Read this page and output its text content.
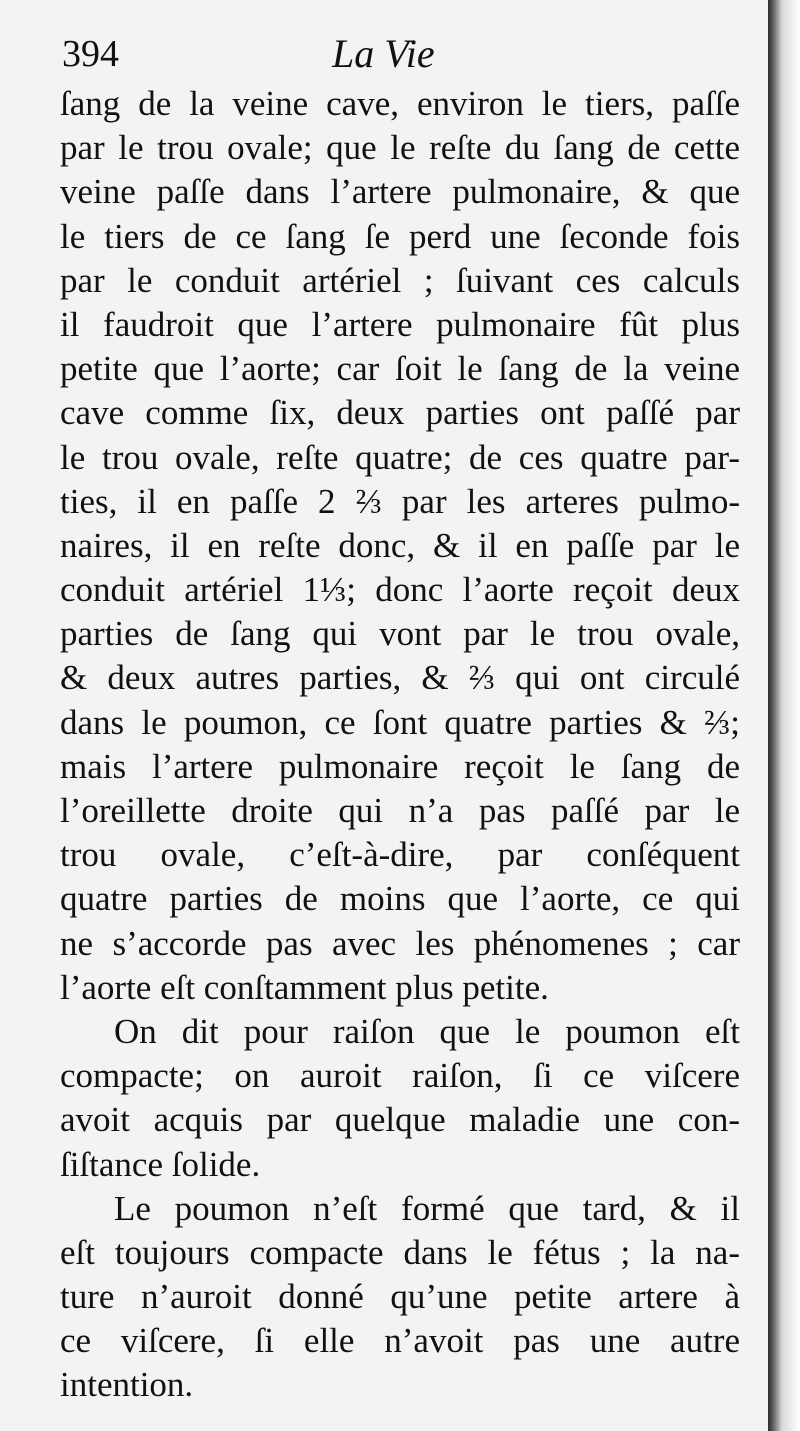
394	La Vie
ſang de la veine cave, environ le tiers, paſſe
par le trou ovale; que le reſte du ſang de cette
veine paſſe dans l’artere pulmonaire, & que
le tiers de ce ſang ſe perd une ſeconde fois
par le conduit artériel ; ſuivant ces calculs
il faudroit que l’artere pulmonaire fût plus
petite que l’aorte; car ſoit le ſang de la veine
cave comme ſix, deux parties ont paſſé par
le trou ovale, reſte quatre; de ces quatre par-
ties, il en paſſe 2 ⅔ par les arteres pulmo-
naires, il en reſte donc, & il en paſſe par le
conduit artériel 1⅓; donc l’aorte reçoit deux
parties de ſang qui vont par le trou ovale,
& deux autres parties, & ⅔ qui ont circulé
dans le poumon, ce ſont quatre parties & ⅔;
mais l’artere pulmonaire reçoit le ſang de
l’oreillette droite qui n’a pas paſſé par le
trou ovale, c’eſt-à-dire, par conſéquent
quatre parties de moins que l’aorte, ce qui
ne s’accorde pas avec les phénomenes ; car
l’aorte eſt conſtamment plus petite.
On dit pour raiſon que le poumon eſt
compacte; on auroit raiſon, ſi ce viſcere
avoit acquis par quelque maladie une con-
ſiſtance ſolide.
Le poumon n’eſt formé que tard, & il
eſt toujours compacte dans le fétus ; la na-
ture n’auroit donné qu’une petite artere à
ce viſcere, ſi elle n’avoit pas une autre
intention.
